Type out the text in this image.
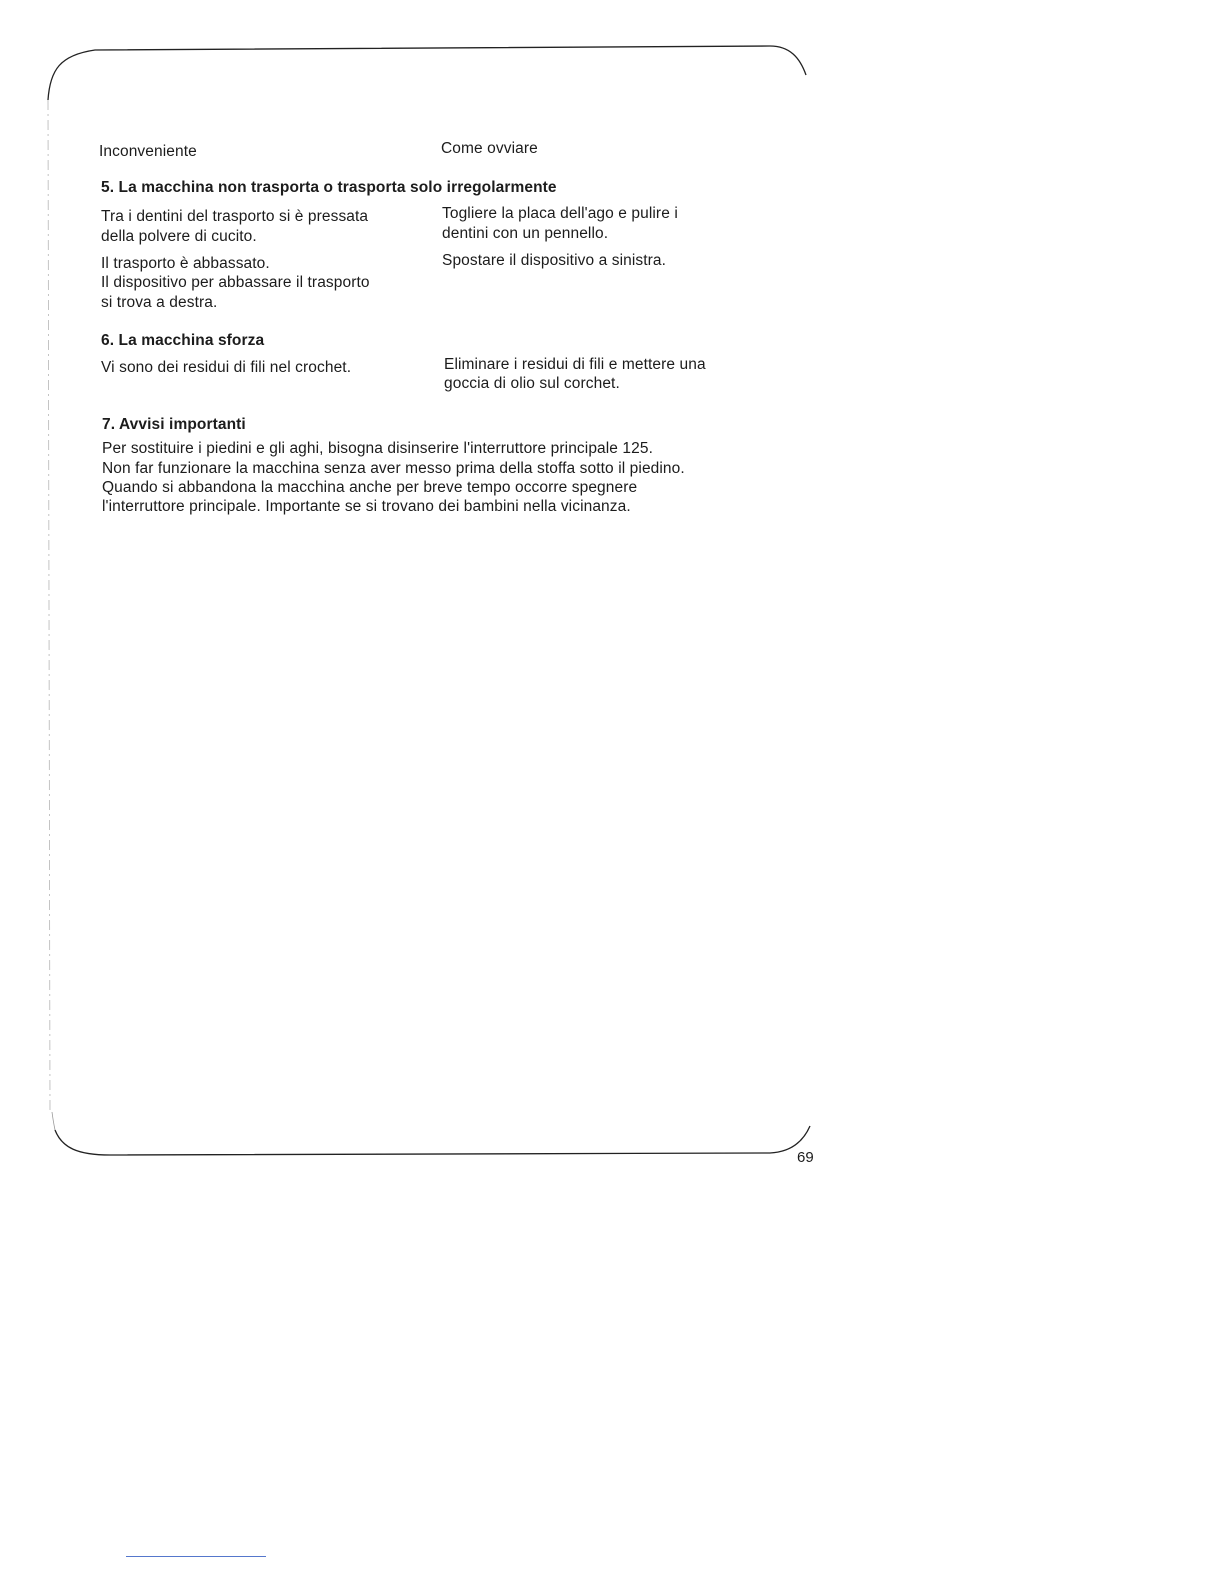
Inconveniente	Come ovviare
5. La macchina non trasporta o trasporta solo irregolarmente
Tra i dentini del trasporto si è pressata
della polvere di cucito.
Togliere la placa dell'ago e pulire i
dentini con un pennello.
Il trasporto è abbassato.
Il dispositivo per abbassare il trasporto
si trova a destra.
Spostare il dispositivo a sinistra.
6. La macchina sforza
Vi sono dei residui di fili nel crochet.	Eliminare i residui di fili e mettere una
goccia di olio sul corchet.
7. Avvisi importanti
Per sostituire i piedini e gli aghi, bisogna disinserire l'interruttore principale 125.
Non far funzionare la macchina senza aver messo prima della stoffa sotto il piedino.
Quando si abbandona la macchina anche per breve tempo occorre spegnere
l'interruttore principale. Importante se si trovano dei bambini nella vicinanza.
69
